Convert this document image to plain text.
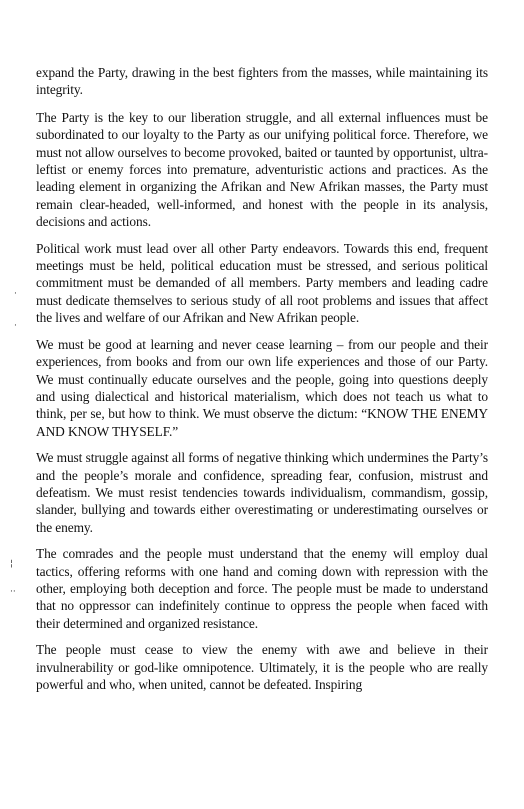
·
·
¦
··

expand the Party, drawing in the best fighters from the masses, while maintaining its integrity.

The Party is the key to our liberation struggle, and all external influences must be subordinated to our loyalty to the Party as our unifying political force. Therefore, we must not allow ourselves to become provoked, baited or taunted by opportunist, ultra-leftist or enemy forces into premature, adventuristic actions and practices. As the leading element in organizing the Afrikan and New Afrikan masses, the Party must remain clear-headed, well-informed, and honest with the people in its analysis, decisions and actions.

Political work must lead over all other Party endeavors. Towards this end, frequent meetings must be held, political education must be stressed, and serious political commitment must be demanded of all members. Party members and leading cadre must dedicate themselves to serious study of all root problems and issues that affect the lives and welfare of our Afrikan and New Afrikan people.

We must be good at learning and never cease learning – from our people and their experiences, from books and from our own life experiences and those of our Party. We must continually educate ourselves and the people, going into questions deeply and using dialectical and historical materialism, which does not teach us what to think, per se, but how to think. We must observe the dictum: “KNOW THE ENEMY AND KNOW THYSELF.”

We must struggle against all forms of negative thinking which undermines the Party’s and the people’s morale and confidence, spreading fear, confusion, mistrust and defeatism. We must resist tendencies towards individualism, commandism, gossip, slander, bullying and towards either overestimating or underestimating ourselves or the enemy.

The comrades and the people must understand that the enemy will employ dual tactics, offering reforms with one hand and coming down with repression with the other, employing both deception and force. The people must be made to understand that no oppressor can indefinitely continue to oppress the people when faced with their determined and organized resistance.

The people must cease to view the enemy with awe and believe in their invulnerability or god-like omnipotence. Ultimately, it is the people who are really powerful and who, when united, cannot be defeated. Inspiring
